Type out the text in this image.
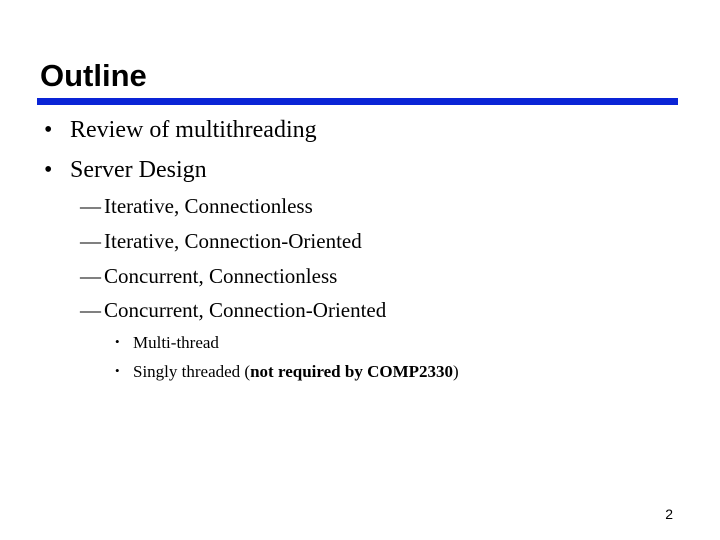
Outline
• Review of multithreading
• Server Design
— Iterative, Connectionless
— Iterative, Connection-Oriented
— Concurrent, Connectionless
— Concurrent, Connection-Oriented
• Multi-thread
• Singly threaded (not required by COMP2330)
2
